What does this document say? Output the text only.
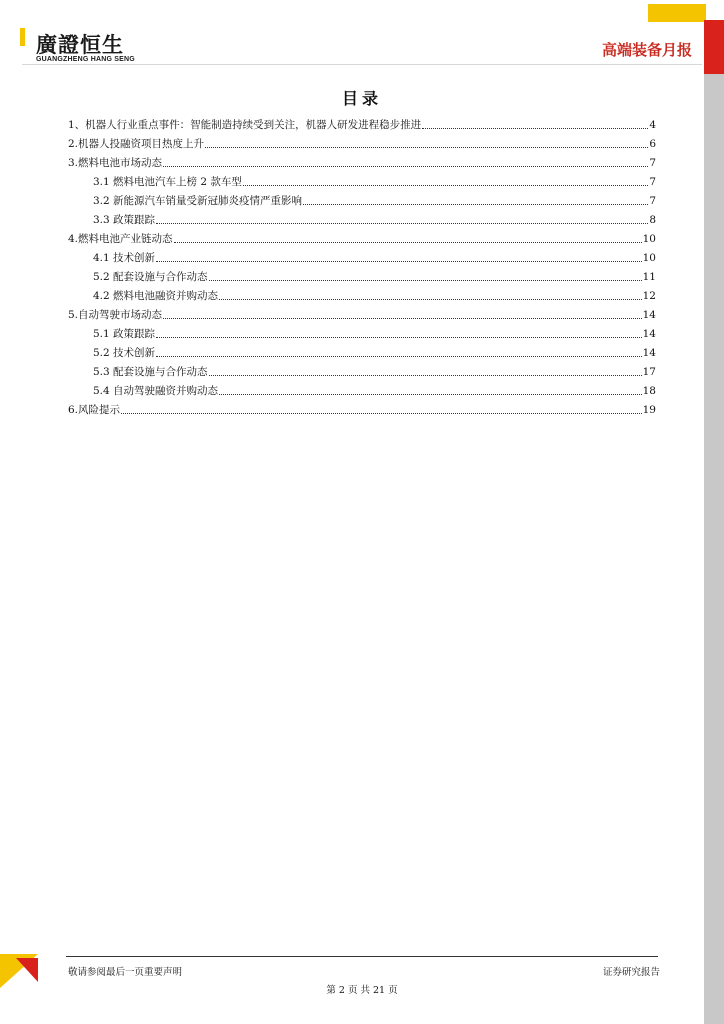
廣證恒生
GUANGZHENG HANG SENG
高端装备月报
目录
1、机器人行业重点事件：智能制造持续受到关注，机器人研发进程稳步推进	4
2.机器人投融资项目热度上升	6
3.燃料电池市场动态	7
3.1 燃料电池汽车上榜 2 款车型	7
3.2 新能源汽车销量受新冠肺炎疫情严重影响	7
3.3 政策跟踪	8
4.燃料电池产业链动态	10
4.1 技术创新	10
5.2 配套设施与合作动态	11
4.2 燃料电池融资并购动态	12
5.自动驾驶市场动态	14
5.1 政策跟踪	14
5.2 技术创新	14
5.3 配套设施与合作动态	17
5.4 自动驾驶融资并购动态	18
6.风险提示	19
敬请参阅最后一页重要声明	证券研究报告
第 2 页 共 21 页
